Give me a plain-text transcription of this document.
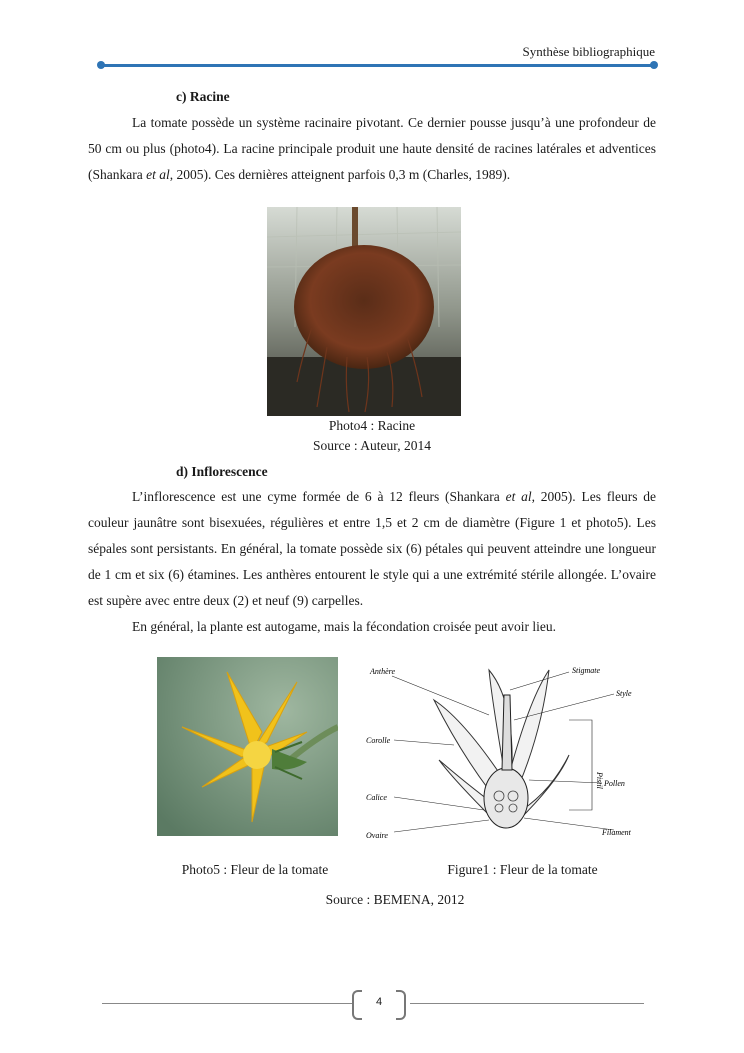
Synthèse bibliographique
c) Racine

La tomate possède un système racinaire pivotant. Ce dernier pousse jusqu’à une profondeur de 50 cm ou plus (photo4). La racine principale produit une haute densité de racines latérales et adventices (Shankara et al, 2005). Ces dernières atteignent parfois 0,3 m (Charles, 1989).

Photo4 : Racine
Source : Auteur, 2014
d) Inflorescence

L’inflorescence est une cyme formée de 6 à 12 fleurs (Shankara et al, 2005). Les fleurs de couleur jaunâtre sont bisexuées, régulières et entre 1,5 et 2 cm de diamètre (Figure 1 et photo5). Les sépales sont persistants. En général, la tomate possède six (6) pétales qui peuvent atteindre une longueur de 1 cm et six (6) étamines. Les anthères entourent le style qui a une extrémité stérile allongée. L’ovaire est supère avec entre deux (2) et neuf (9) carpelles.

En général, la plante est autogame, mais la fécondation croisée peut avoir lieu.

Anthère	Stigmate
Style
Corolle
Pistil Pollen
Calice
Ovaire	Filament
Photo5 : Fleur de la tomate	Figure1 : Fleur de la tomate
Source : BEMENA, 2012
4
